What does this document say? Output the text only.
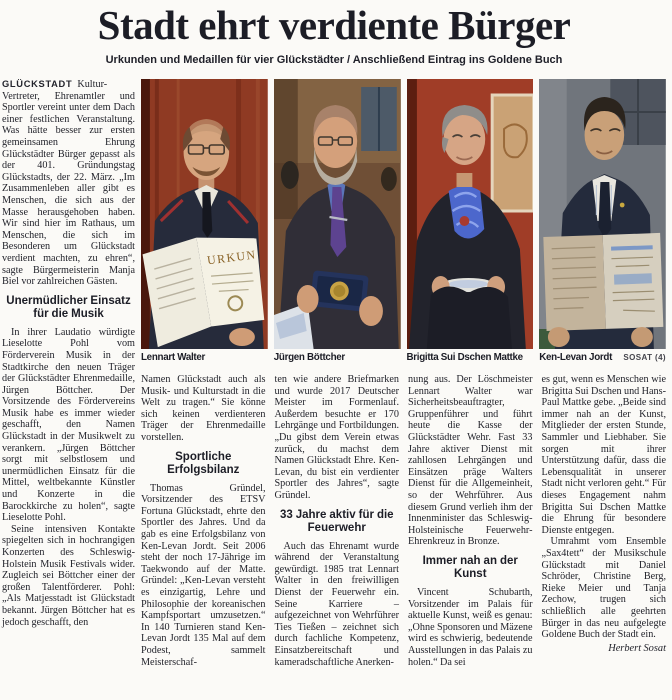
Stadt ehrt verdiente Bürger

Urkunden und Medaillen für vier Glückstädter / Anschließend Eintrag ins Goldene Buch

GLÜCKSTADT Kultur-Vertreter, Ehrenamtler und Sportler vereint unter dem Dach einer festlichen Veranstaltung. Was hätte besser zur ersten gemeinsamen Ehrung Glückstädter Bürger gepasst als der 401. Gründungstag Glückstadts, der 22. März. „Im Zusammenleben aller gibt es Menschen, die sich aus der Masse herausgehoben haben. Wir sind hier im Rathaus, um Menschen, die sich im Besonderen um Glückstadt verdient machten, zu ehren“, sagte Bürgermeisterin Manja Biel vor zahlreichen Gästen.

Unermüdlicher Einsatz für die Musik

In ihrer Laudatio würdigte Lieselotte Pohl vom Förderverein Musik in der Stadtkirche den neuen Träger der Glückstädter Ehrenmedaille, Jürgen Böttcher. Der Vorsitzende des Fördervereins Musik habe es immer wieder geschafft, den Namen Glückstadt in der Musikwelt zu verankern. „Jürgen Böttcher sorgt mit selbstlosem und unermüdlichen Einsatz für die Mittel, weltbekannte Künstler und Konzerte in die Barockkirche zu holen“, sagte Lieselotte Pohl.

Seine intensiven Kontakte spiegelten sich in hochrangigen Konzerten des Schleswig-Holstein Musik Festivals wider. Zugleich sei Böttcher einer der großen Talentförderer. Pohl: „Als Matjesstadt ist Glückstadt bekannt. Jürgen Böttcher hat es jedoch geschafft, den

URKUN
Lennart Walter	Jürgen Böttcher	Brigitta Sui Dschen Mattke Ken-Levan Jordt	SOSAT (4)

Namen Glückstadt auch als Musik- und Kulturstadt in die Welt zu tragen.“ Sie könne sich keinen verdienteren Träger der Ehrenmedaille vorstellen.

Sportliche Erfolgsbilanz

Thomas Gründel, Vorsitzender des ETSV Fortuna Glückstadt, ehrte den Sportler des Jahres. Und da gab es eine Erfolgsbilanz von Ken-Levan Jordt. Seit 2006 steht der noch 17-Jährige im Taekwondo auf der Matte. Gründel: „Ken-Levan versteht es einzigartig, Lehre und Philosophie der koreanischen Kampfsportart umzusetzen.“ In 140 Turnieren stand Ken-Levan Jordt 135 Mal auf dem Podest, sammelt Meisterschaf-

ten wie andere Briefmarken und wurde 2017 Deutscher Meister im Formenlauf. Außerdem besuchte er 170 Lehrgänge und Fortbildungen. „Du gibst dem Verein etwas zurück, du machst dem Namen Glückstadt Ehre. Ken-Levan, du bist ein verdienter Sportler des Jahres“, sagte Gründel.

33 Jahre aktiv für die Feuerwehr

Auch das Ehrenamt wurde während der Veranstaltung gewürdigt. 1985 trat Lennart Walter in den freiwilligen Dienst der Feuerwehr ein. Seine Karriere – aufgezeichnet von Wehrführer Ties Tießen – zeichnet sich durch fachliche Kompetenz, Einsatzbereitschaft und kameradschaftliche Anerken-

nung aus. Der Löschmeister Lennart Walter war Sicherheitsbeauftragter, Gruppenführer und führt heute die Kasse der Glückstädter Wehr. Fast 33 Jahre aktiver Dienst mit zahllosen Lehrgängen und Einsätzen präge Walters Dienst für die Allgemeinheit, so der Wehrführer. Aus diesem Grund verlieh ihm der Innenminister das Schleswig-Holsteinische Feuerwehr-Ehrenkreuz in Bronze.

Immer nah an der Kunst

Vincent Schubarth, Vorsitzender im Palais für aktuelle Kunst, weiß es genau: „Ohne Sponsoren und Mäzene wird es schwierig, bedeutende Ausstellungen in das Palais zu holen.“ Da sei

es gut, wenn es Menschen wie Brigitta Sui Dschen und Hans-Paul Mattke gebe. „Beide sind immer nah an der Kunst, Mitglieder der ersten Stunde, Sammler und Liebhaber. Sie sorgen mit ihrer Unterstützung dafür, dass die Lebensqualität in unserer Stadt nicht verloren geht.“ Für dieses Engagement nahm Brigitta Sui Dschen Mattke die Ehrung für besondere Dienste entgegen.

Umrahmt vom Ensemble „Sax4tett“ der Musikschule Glückstadt mit Daniel Schröder, Christine Berg, Rieke Meier und Tanja Zechow, trugen sich schließlich alle geehrten Bürger in das neu aufgelegte Goldene Buch der Stadt ein.

Herbert Sosat
